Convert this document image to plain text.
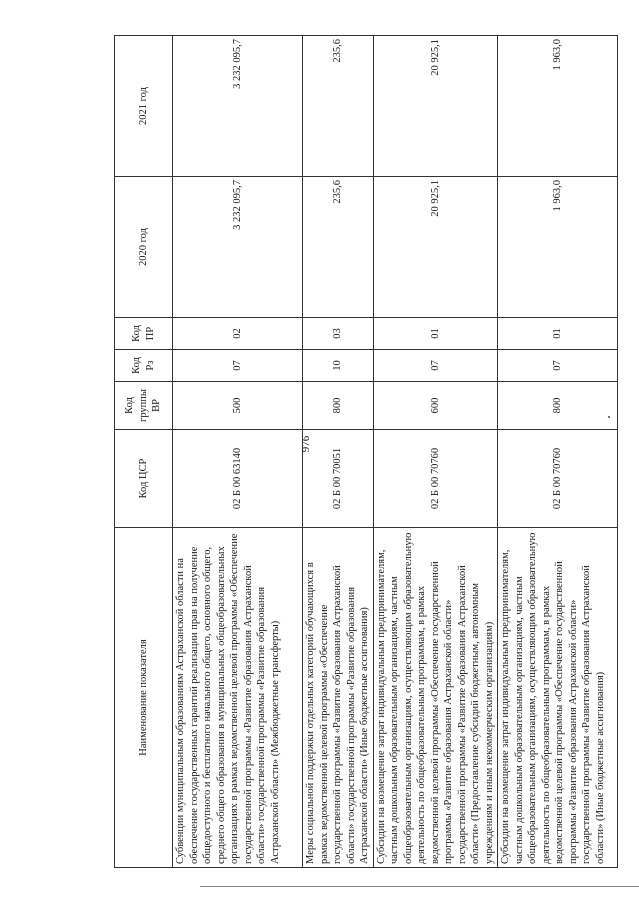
976
Наименование показателя	Код ЦСР	Код группы ВР	Код Рз	Код ПР	2020 год	2021 год
Субвенции муниципальным образованиям Астраханской области на обеспечение государственных гарантий реализации прав на получение общедоступного и бесплатного начального общего, основного общего, среднего общего образования в муниципальных общеобразовательных организациях в рамках ведомственной целевой программы «Обеспечение государственной программы «Развитие образования Астраханской области» государственной программы «Развитие образования Астраханской области» (Межбюджетные трансферты)	02 Б 00 63140	500	07	02	3 232 095,7	3 232 095,7
Меры социальной поддержки отдельных категорий обучающихся в рамках ведомственной целевой программы «Обеспечение государственной программы «Развитие образования Астраханской области» государственной программы «Развитие образования Астраханской области» (Иные бюджетные ассигнования)	02 Б 00 70051	800	10	03	235,6	235,6
Субсидии на возмещение затрат индивидуальным предпринимателям, частным дошкольным образовательным организациям, частным общеобразовательным организациям, осуществляющим образовательную деятельность по общеобразовательным программам, в рамках ведомственной целевой программы «Обеспечение государственной программы «Развитие образования Астраханской области» государственной программы «Развитие образования Астраханской области» (Предоставление субсидий бюджетным, автономным учреждениям и иным некоммерческим организациям)	02 Б 00 70760	600	07	01	20 925,1	20 925,1
Субсидии на возмещение затрат индивидуальным предпринимателям, частным дошкольным образовательным организациям, частным общеобразовательным организациям, осуществляющим образовательную деятельность по общеобразовательным программам, в рамках ведомственной целевой программы «Обеспечение государственной программы «Развитие образования Астраханской области» государственной программы «Развитие образования Астраханской области» (Иные бюджетные ассигнования)	02 Б 00 70760	800	07	01	1 963,0	1 963,0
